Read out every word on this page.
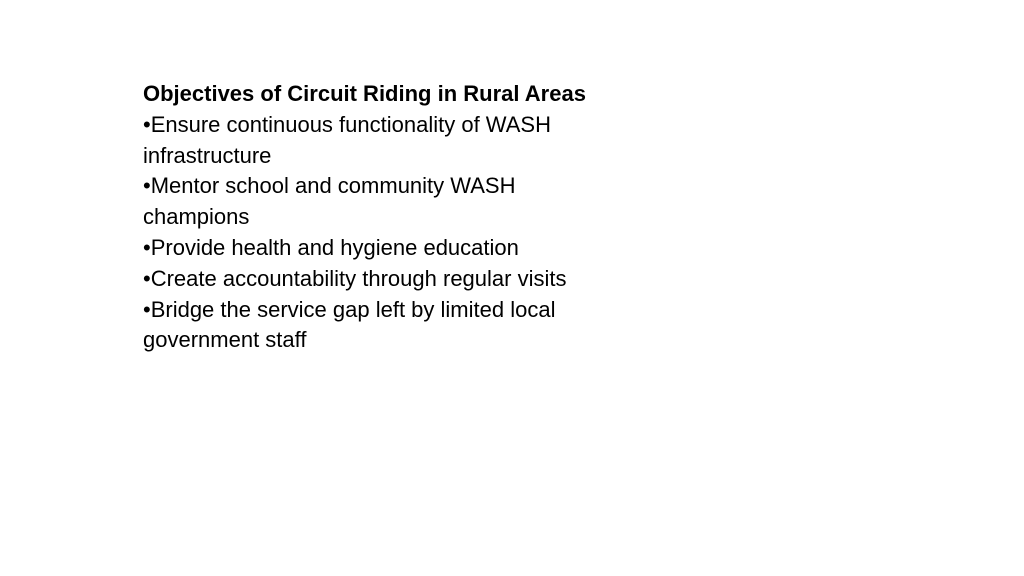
Objectives of Circuit Riding in Rural Areas
•Ensure continuous functionality of WASH infrastructure
•Mentor school and community WASH champions
•Provide health and hygiene education
•Create accountability through regular visits
•Bridge the service gap left by limited local government staff
